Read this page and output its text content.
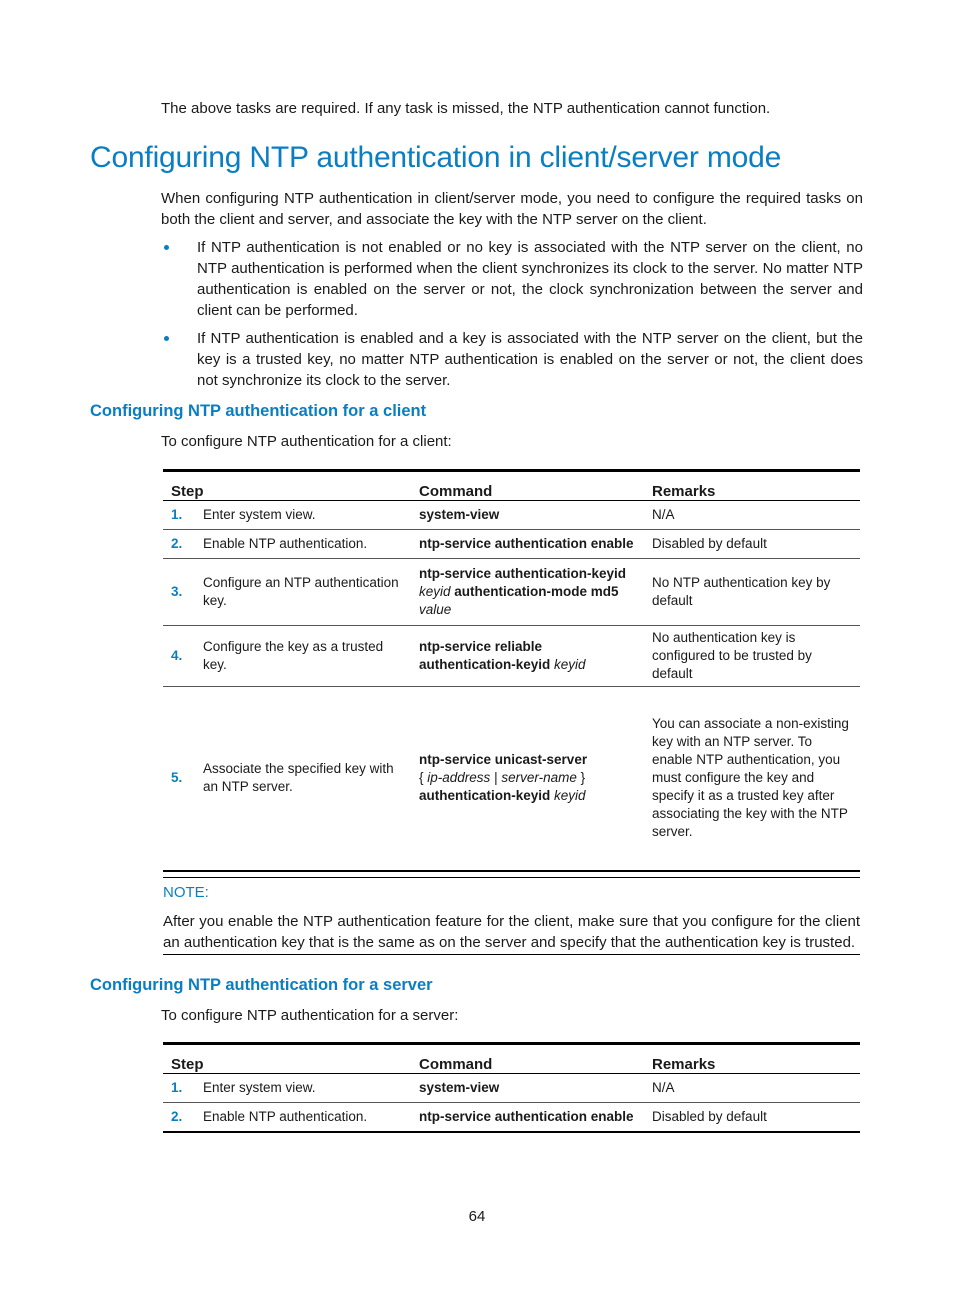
The above tasks are required. If any task is missed, the NTP authentication cannot function.

Configuring NTP authentication in client/server mode

When configuring NTP authentication in client/server mode, you need to configure the required tasks on both the client and server, and associate the key with the NTP server on the client.

If NTP authentication is not enabled or no key is associated with the NTP server on the client, no NTP authentication is performed when the client synchronizes its clock to the server. No matter NTP authentication is enabled on the server or not, the clock synchronization between the server and client can be performed.

If NTP authentication is enabled and a key is associated with the NTP server on the client, but the key is a trusted key, no matter NTP authentication is enabled on the server or not, the client does not synchronize its clock to the server.

Configuring NTP authentication for a client

To configure NTP authentication for a client:

Step		Command	Remarks
1.	Enter system view.	system-view	N/A
2.	Enable NTP authentication.	ntp-service authentication enable	Disabled by default
3.	Configure an NTP authentication key.	ntp-service authentication-keyid
keyid authentication-mode md5
value	No NTP authentication key by default
4.	Configure the key as a trusted key.	ntp-service reliable authentication-keyid keyid	No authentication key is configured to be trusted by default
5.	Associate the specified key with an NTP server.	ntp-service unicast-server
{ ip-address | server-name }
authentication-keyid keyid	You can associate a non-existing key with an NTP server. To enable NTP authentication, you must configure the key and specify it as a trusted key after associating the key with the NTP server.
NOTE:

After you enable the NTP authentication feature for the client, make sure that you configure for the client an authentication key that is the same as on the server and specify that the authentication key is trusted.

Configuring NTP authentication for a server

To configure NTP authentication for a server:

Step		Command	Remarks
1.	Enter system view.	system-view	N/A
2.	Enable NTP authentication.	ntp-service authentication enable	Disabled by default
64
